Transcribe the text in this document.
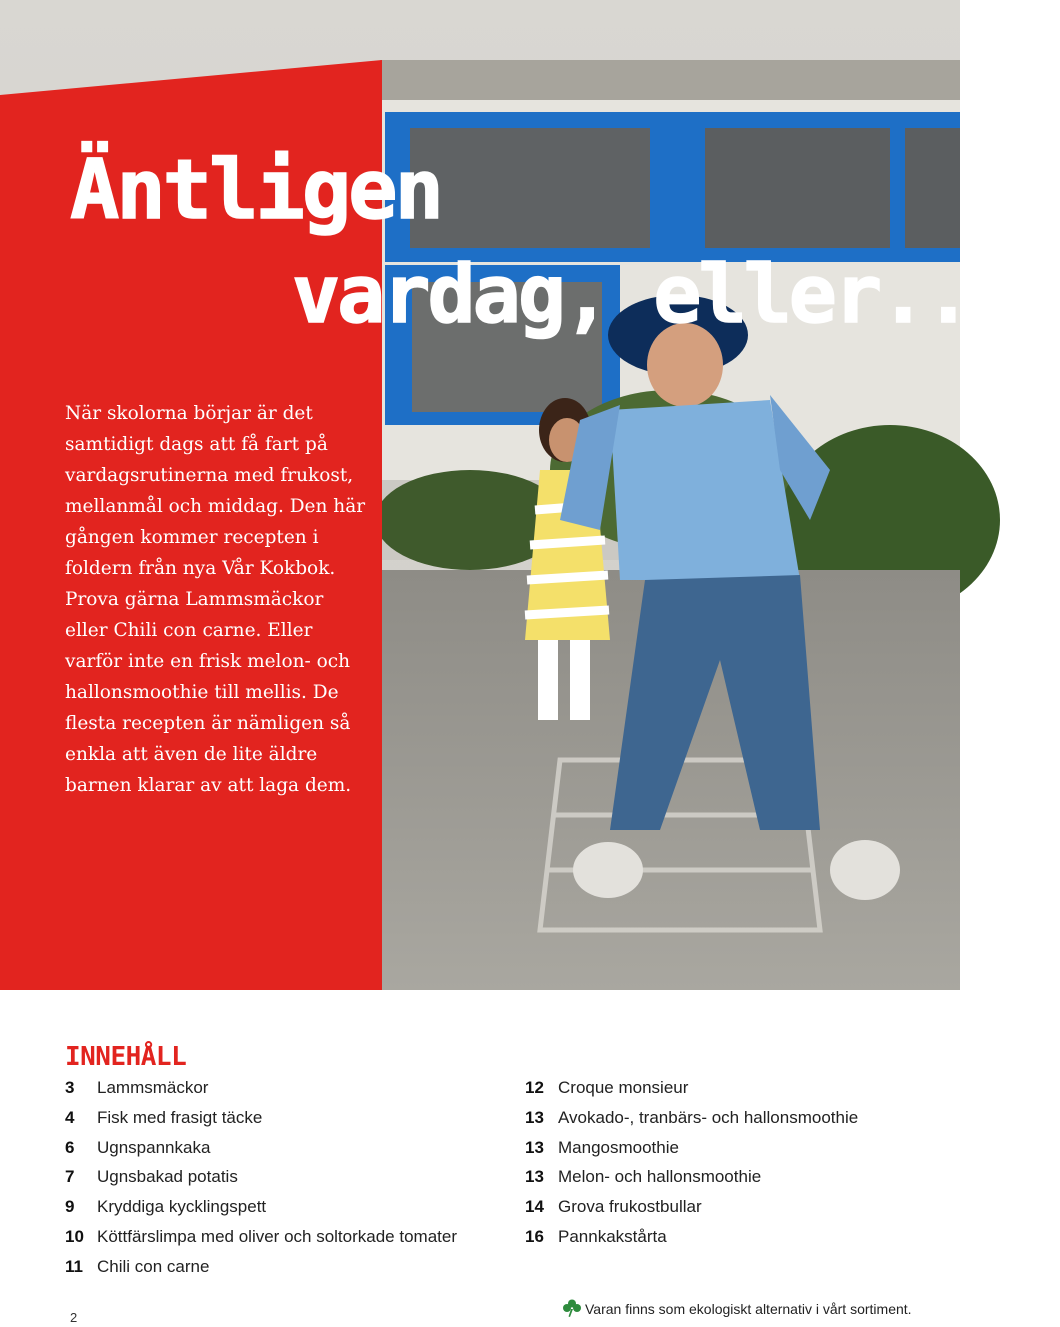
Äntligen
vardag, eller...?

När skolorna börjar är det samtidigt dags att få fart på vardagsrutinerna med frukost, mellanmål och middag. Den här gången kommer recepten i foldern från nya Vår Kokbok. Prova gärna Lammsmäckor eller Chili con carne. Eller varför inte en frisk melon- och hallonsmoothie till mellis. De flesta recepten är nämligen så enkla att även de lite äldre barnen klarar av att laga dem.

INNEHÅLL
3 Lammsmäckor
4 Fisk med frasigt täcke
6 Ugnspannkaka
7 Ugnsbakad potatis
9 Kryddiga kycklingspett
10 Köttfärslimpa med oliver och soltorkade tomater
11 Chili con carne
12 Croque monsieur
13 Avokado-, tranbärs- och hallonsmoothie
13 Mangosmoothie
13 Melon- och hallonsmoothie
14 Grova frukostbullar
16 Pannkakstårta
2
Varan finns som ekologiskt alternativ i vårt sortiment.
